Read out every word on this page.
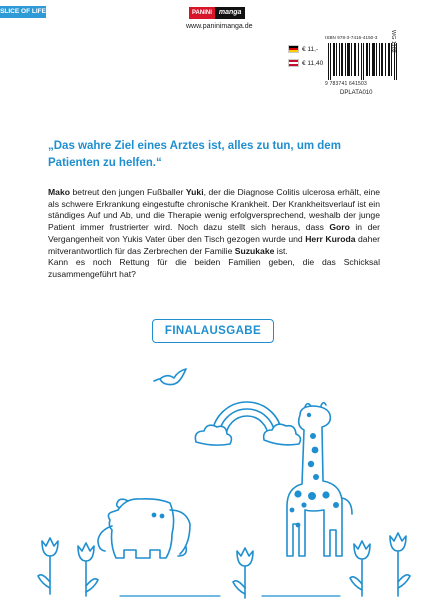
SLICE OF LIFE	PANINI	manga
www.paninimanga.de
€ 11,-
€ 11,40
ISBN 978-3-7416-4150-3
9 783741 641503
DPLATA010
WG 1182
„Das wahre Ziel eines Arztes ist, alles zu tun, um dem Patienten zu helfen.“

Mako betreut den jungen Fußballer Yuki, der die Diagnose Colitis ulcerosa erhält, eine als schwere Erkrankung eingestufte chronische Krankheit. Der Krankheitsverlauf ist ein ständiges Auf und Ab, und die Therapie wenig erfolgversprechend, weshalb der junge Patient immer frustrierter wird. Noch dazu stellt sich heraus, dass Goro in der Vergangenheit von Yukis Vater über den Tisch gezogen wurde und Herr Kuroda daher mitverantwortlich für das Zerbrechen der Familie Suzukake ist.

Kann es noch Rettung für die beiden Familien geben, die das Schicksal zusammengeführt hat?

FINALAUSGABE
